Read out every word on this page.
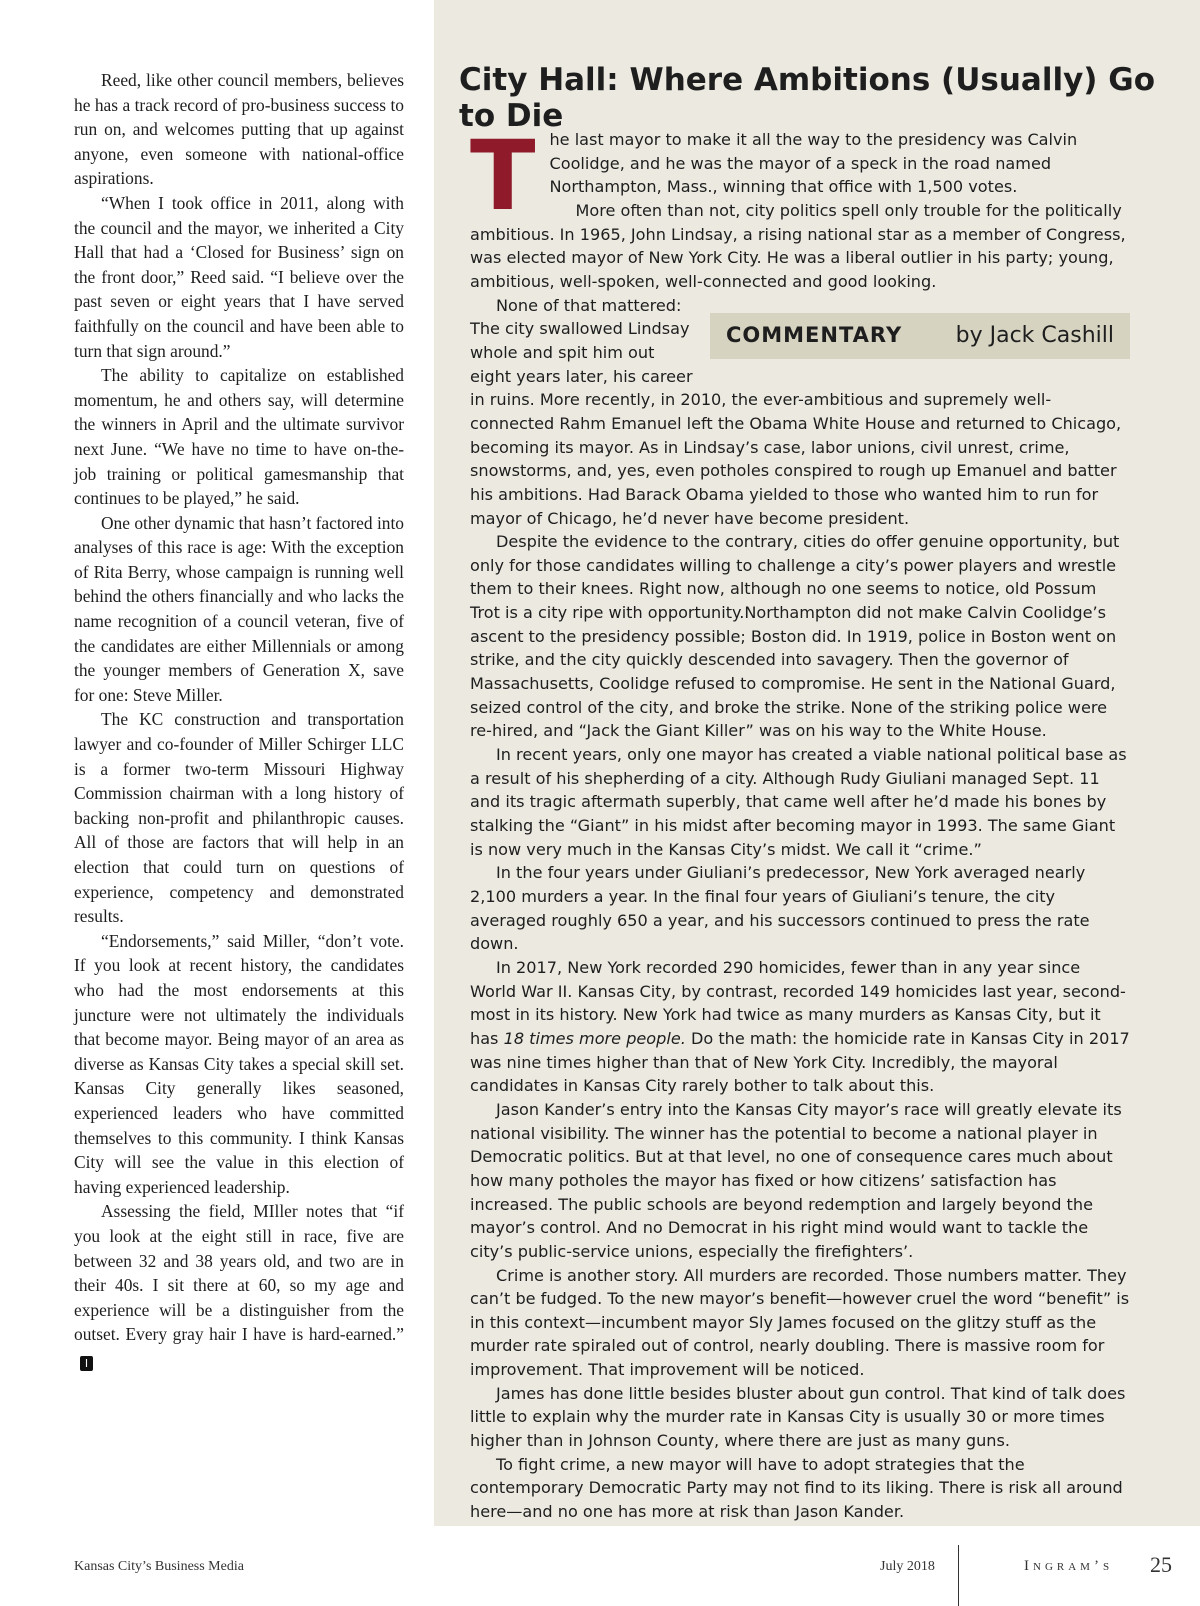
Reed, like other council members, believes he has a track record of pro-business success to run on, and welcomes putting that up against anyone, even someone with national-office aspirations.

“When I took office in 2011, along with the council and the mayor, we inherited a City Hall that had a ‘Closed for Business’ sign on the front door,” Reed said. “I believe over the past seven or eight years that I have served faithfully on the council and have been able to turn that sign around.”

The ability to capitalize on established momentum, he and others say, will determine the winners in April and the ultimate survivor next June. “We have no time to have on-the-job training or political gamesmanship that continues to be played,” he said.

One other dynamic that hasn’t factored into analyses of this race is age: With the exception of Rita Berry, whose campaign is running well behind the others financially and who lacks the name recognition of a council veteran, five of the candidates are either Millennials or among the younger members of Generation X, save for one: Steve Miller.

The KC construction and transportation lawyer and co-founder of Miller Schirger LLC is a former two-term Missouri Highway Commission chairman with a long history of backing non-profit and philanthropic causes. All of those are factors that will help in an election that could turn on questions of experience, competency and demonstrated results.

“Endorsements,” said Miller, “don’t vote. If you look at recent history, the candidates who had the most endorsements at this juncture were not ultimately the individuals that become mayor. Being mayor of an area as diverse as Kansas City takes a special skill set. Kansas City generally likes seasoned, experienced leaders who have committed themselves to this community. I think Kansas City will see the value in this election of having experienced leadership.

Assessing the field, MIller notes that “if you look at the eight still in race, five are between 32 and 38 years old, and two are in their 40s. I sit there at 60, so my age and experience will be a distinguisher from the outset. Every gray hair I have is hard-earned.”I

City Hall: Where Ambitions (Usually) Go to Die

The last mayor to make it all the way to the presidency was Calvin Coolidge, and he was the mayor of a speck in the road named Northampton, Mass., winning that office with 1,500 votes.

More often than not, city politics spell only trouble for the politically ambitious. In 1965, John Lindsay, a rising national star as a member of Congress, was elected mayor of New York City. He was a liberal outlier in his party; young, ambitious, well-spoken, well-connected and good looking.

COMMENTARY by Jack Cashill
None of that mattered: The city swallowed Lindsay whole and spit him out eight years later, his career in ruins. More recently, in 2010, the ever-ambitious and supremely well-connected Rahm Emanuel left the Obama White House and returned to Chicago, becoming its mayor. As in Lindsay’s case, labor unions, civil unrest, crime, snowstorms, and, yes, even potholes conspired to rough up Emanuel and batter his ambitions. Had Barack Obama yielded to those who wanted him to run for mayor of Chicago, he’d never have become president.

Despite the evidence to the contrary, cities do offer genuine opportunity, but only for those candidates willing to challenge a city’s power players and wrestle them to their knees. Right now, although no one seems to notice, old Possum Trot is a city ripe with opportunity.Northampton did not make Calvin Coolidge’s ascent to the presidency possible; Boston did. In 1919, police in Boston went on strike, and the city quickly descended into savagery. Then the governor of Massachusetts, Coolidge refused to compromise. He sent in the National Guard, seized control of the city, and broke the strike. None of the striking police were re-hired, and “Jack the Giant Killer” was on his way to the White House.

In recent years, only one mayor has created a viable national political base as a result of his shepherding of a city. Although Rudy Giuliani managed Sept. 11 and its tragic aftermath superbly, that came well after he’d made his bones by stalking the “Giant” in his midst after becoming mayor in 1993. The same Giant is now very much in the Kansas City’s midst. We call it “crime.”

In the four years under Giuliani’s predecessor, New York averaged nearly 2,100 murders a year. In the final four years of Giuliani’s tenure, the city averaged roughly 650 a year, and his successors continued to press the rate down.

In 2017, New York recorded 290 homicides, fewer than in any year since World War II. Kansas City, by contrast, recorded 149 homicides last year, second-most in its history. New York had twice as many murders as Kansas City, but it has 18 times more people. Do the math: the homicide rate in Kansas City in 2017 was nine times higher than that of New York City. Incredibly, the mayoral candidates in Kansas City rarely bother to talk about this.

Jason Kander’s entry into the Kansas City mayor’s race will greatly elevate its national visibility. The winner has the potential to become a national player in Democratic politics. But at that level, no one of consequence cares much about how many potholes the mayor has fixed or how citizens’ satisfaction has increased. The public schools are beyond redemption and largely beyond the mayor’s control. And no Democrat in his right mind would want to tackle the city’s public-service unions, especially the firefighters’.

Crime is another story. All murders are recorded. Those numbers matter. They can’t be fudged. To the new mayor’s benefit—however cruel the word “benefit” is in this context—incumbent mayor Sly James focused on the glitzy stuff as the murder rate spiraled out of control, nearly doubling. There is massive room for improvement. That improvement will be noticed.

James has done little besides bluster about gun control. That kind of talk does little to explain why the murder rate in Kansas City is usually 30 or more times higher than in Johnson County, where there are just as many guns.

To fight crime, a new mayor will have to adopt strategies that the contemporary Democratic Party may not find to its liking. There is risk all around here—and no one has more at risk than Jason Kander.

Kansas City’s Business Media	July 2018	Ingram’s 25
